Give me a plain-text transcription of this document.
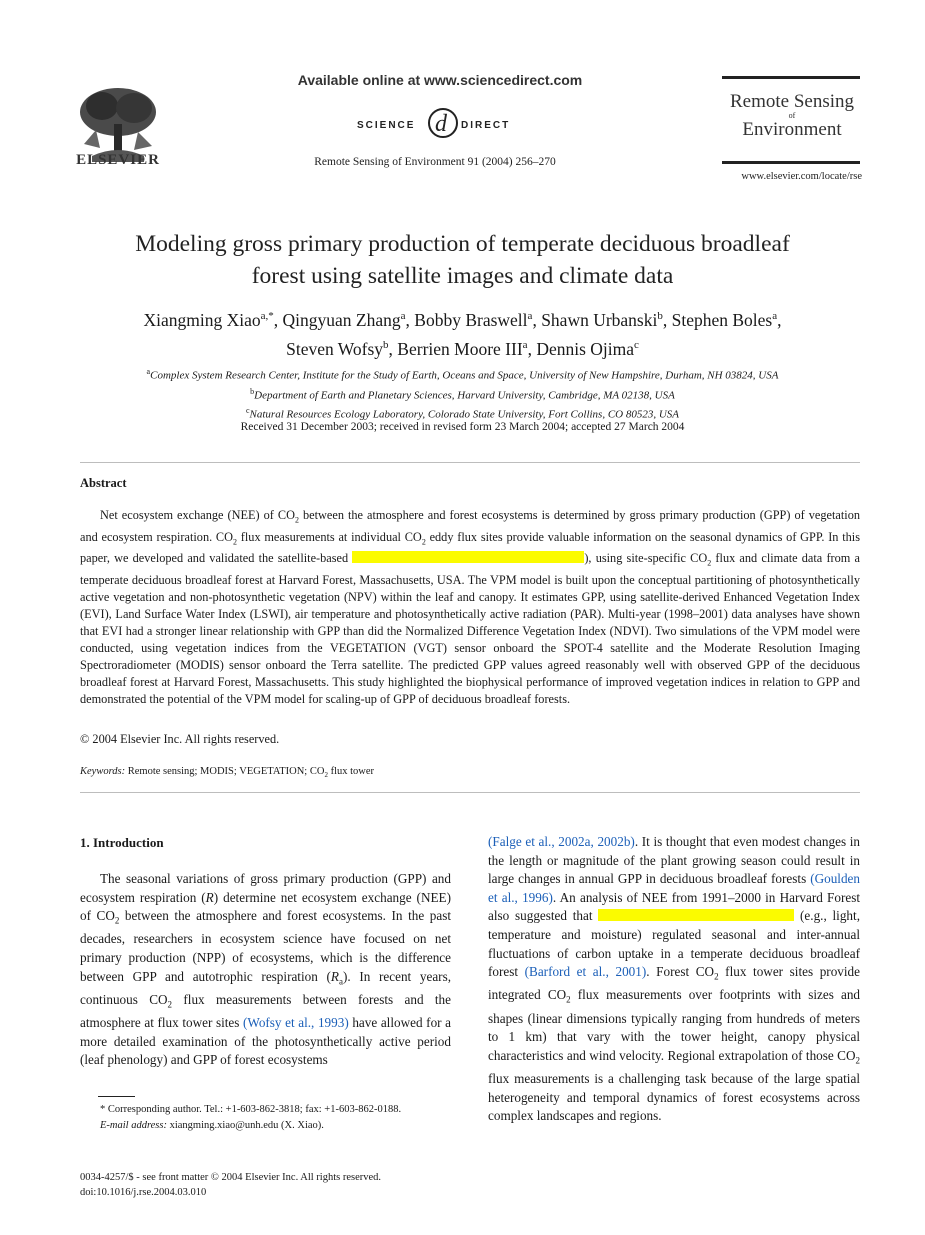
ELSEVIER
Available online at www.sciencedirect.com
SCIENCE d DIRECT
Remote Sensing of Environment 91 (2004) 256–270
Remote Sensing
of
Environment
www.elsevier.com/locate/rse
Modeling gross primary production of temperate deciduous broadleaf
forest using satellite images and climate data
Xiangming Xiao$^{a,*}$, Qingyuan Zhang$^a$, Bobby Braswell$^a$, Shawn Urbanski$^b$, Stephen Boles$^a$,
Steven Wofsy$^b$, Berrien Moore III$^a$, Dennis Ojima$^c$
$^a$Complex System Research Center, Institute for the Study of Earth, Oceans and Space, University of New Hampshire, Durham, NH 03824, USA
$^b$Department of Earth and Planetary Sciences, Harvard University, Cambridge, MA 02138, USA
$^c$Natural Resources Ecology Laboratory, Colorado State University, Fort Collins, CO 80523, USA
Received 31 December 2003; received in revised form 23 March 2004; accepted 27 March 2004
Abstract
Net ecosystem exchange (NEE) of $CO_2$ between the atmosphere and forest ecosystems is determined by gross primary production (GPP) of vegetation and ecosystem respiration. $CO_2$ flux measurements at individual $CO_2$ eddy flux sites provide valuable information on the seasonal dynamics of GPP. In this paper, we developed and validated the satellite-based	), using site-specific $CO_2$ flux and climate data from a temperate deciduous broadleaf forest at Harvard Forest, Massachusetts, USA. The VPM model is built upon the conceptual partitioning of photosynthetically active vegetation and non-photosynthetic vegetation (NPV) within the leaf and canopy. It estimates GPP, using satellite-derived Enhanced Vegetation Index (EVI), Land Surface Water Index (LSWI), air temperature and photosynthetically active radiation (PAR). Multi-year (1998–2001) data analyses have shown that EVI had a stronger linear relationship with GPP than did the Normalized Difference Vegetation Index (NDVI). Two simulations of the VPM model were conducted, using vegetation indices from the VEGETATION (VGT) sensor onboard the SPOT-4 satellite and the Moderate Resolution Imaging Spectroradiometer (MODIS) sensor onboard the Terra satellite. The predicted GPP values agreed reasonably well with observed GPP of the deciduous broadleaf forest at Harvard Forest, Massachusetts. This study highlighted the biophysical performance of improved vegetation indices in relation to GPP and demonstrated the potential of the VPM model for scaling-up of GPP of deciduous broadleaf forests.
© 2004 Elsevier Inc. All rights reserved.
Keywords: Remote sensing; MODIS; VEGETATION; $CO_2$ flux tower
1. Introduction
The seasonal variations of gross primary production (GPP) and ecosystem respiration (R) determine net ecosystem exchange (NEE) of $CO_2$ between the atmosphere and forest ecosystems. In the past decades, researchers in ecosystem science have focused on net primary production (NPP) of ecosystems, which is the difference between GPP and autotrophic respiration $(R_a)$. In recent years, continuous $CO_2$ flux measurements between forests and the atmosphere at flux tower sites (Wofsy et al., 1993) have allowed for a more detailed examination of the photosynthetically active period (leaf phenology) and GPP of forest ecosystems
(Falge et al., 2002a, 2002b). It is thought that even modest changes in the length or magnitude of the plant growing season could result in large changes in annual GPP in deciduous broadleaf forests (Goulden et al., 1996). An analysis of NEE from 1991–2000 in Harvard Forest also suggested that	(e.g., light, temperature and moisture) regulated seasonal and inter-annual fluctuations of carbon uptake in a temperate deciduous broadleaf forest (Barford et al., 2001). Forest $CO_2$ flux tower sites provide integrated $CO_2$ flux measurements over footprints with sizes and shapes (linear dimensions typically ranging from hundreds of meters to 1 km) that vary with the tower height, canopy physical characteristics and wind velocity. Regional extrapolation of those $CO_2$ flux measurements is a challenging task because of the large spatial heterogeneity and temporal dynamics of forest ecosystems across complex landscapes and regions.
* Corresponding author. Tel.: +1-603-862-3818; fax: +1-603-862-0188.
E-mail address: xiangming.xiao@unh.edu (X. Xiao).
0034-4257/$ - see front matter © 2004 Elsevier Inc. All rights reserved.
doi:10.1016/j.rse.2004.03.010
